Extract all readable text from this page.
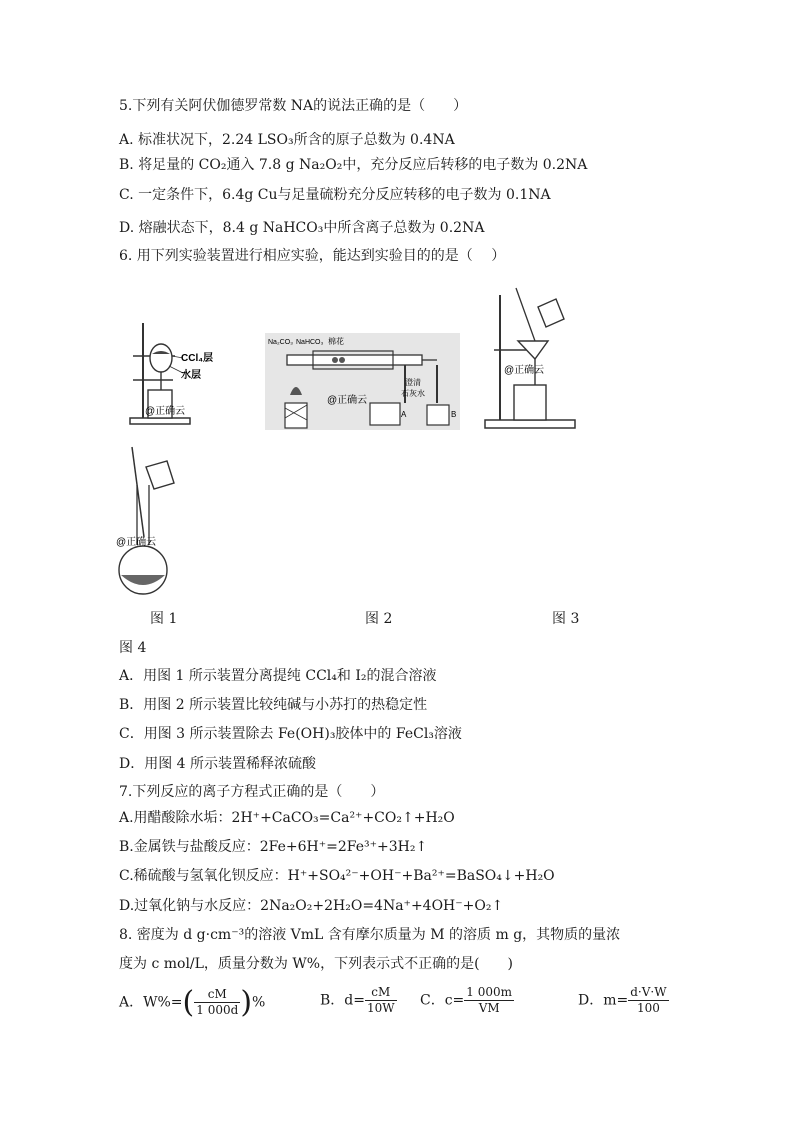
5.下列有关阿伏伽德罗常数 NA的说法正确的是（　　）
A. 标准状况下，2.24 LSO₃所含的原子总数为 0.4NA
B. 将足量的 CO₂通入 7.8 g Na₂O₂中，充分反应后转移的电子数为 0.2NA
C. 一定条件下，6.4g Cu与足量硫粉充分反应转移的电子数为 0.1NA
D. 熔融状态下，8.4 g NaHCO₃中所含离子总数为 0.2NA
6. 用下列实验装置进行相应实验，能达到实验目的的是（　 ）
CCl₄层
水层
@正确云
Na₂CO₃ NaHCO₃ 棉花
澄清
石灰水
A	B
@正确云
@正确云
@正确云
图 1	图 2	图 3
图 4
A．用图 1 所示装置分离提纯 CCl₄和 I₂的混合溶液
B．用图 2 所示装置比较纯碱与小苏打的热稳定性
C．用图 3 所示装置除去 Fe(OH)₃胶体中的 FeCl₃溶液
D．用图 4 所示装置稀释浓硫酸
7.下列反应的离子方程式正确的是（　　）
A.用醋酸除水垢：2H⁺+CaCO₃=Ca²⁺+CO₂↑+H₂O
B.金属铁与盐酸反应：2Fe+6H⁺=2Fe³⁺+3H₂↑
C.稀硫酸与氢氧化钡反应：H⁺+SO₄²⁻+OH⁻+Ba²⁺=BaSO₄↓+H₂O
D.过氧化钠与水反应：2Na₂O₂+2H₂O=4Na⁺+4OH⁻+O₂↑
8. 密度为 d g·cm⁻³的溶液 VmL 含有摩尔质量为 M 的溶质 m g，其物质的量浓
度为 c mol/L，质量分数为 W%，下列表示式不正确的是(　　)
A．$W\%=( \frac{cM}{1 000d}$ )%	B．$d= \frac{cM}{10W}$ C．$c= \frac{1 000m}{VM}$	D．$m= \frac{d\cdot V\cdot W}{100}$
